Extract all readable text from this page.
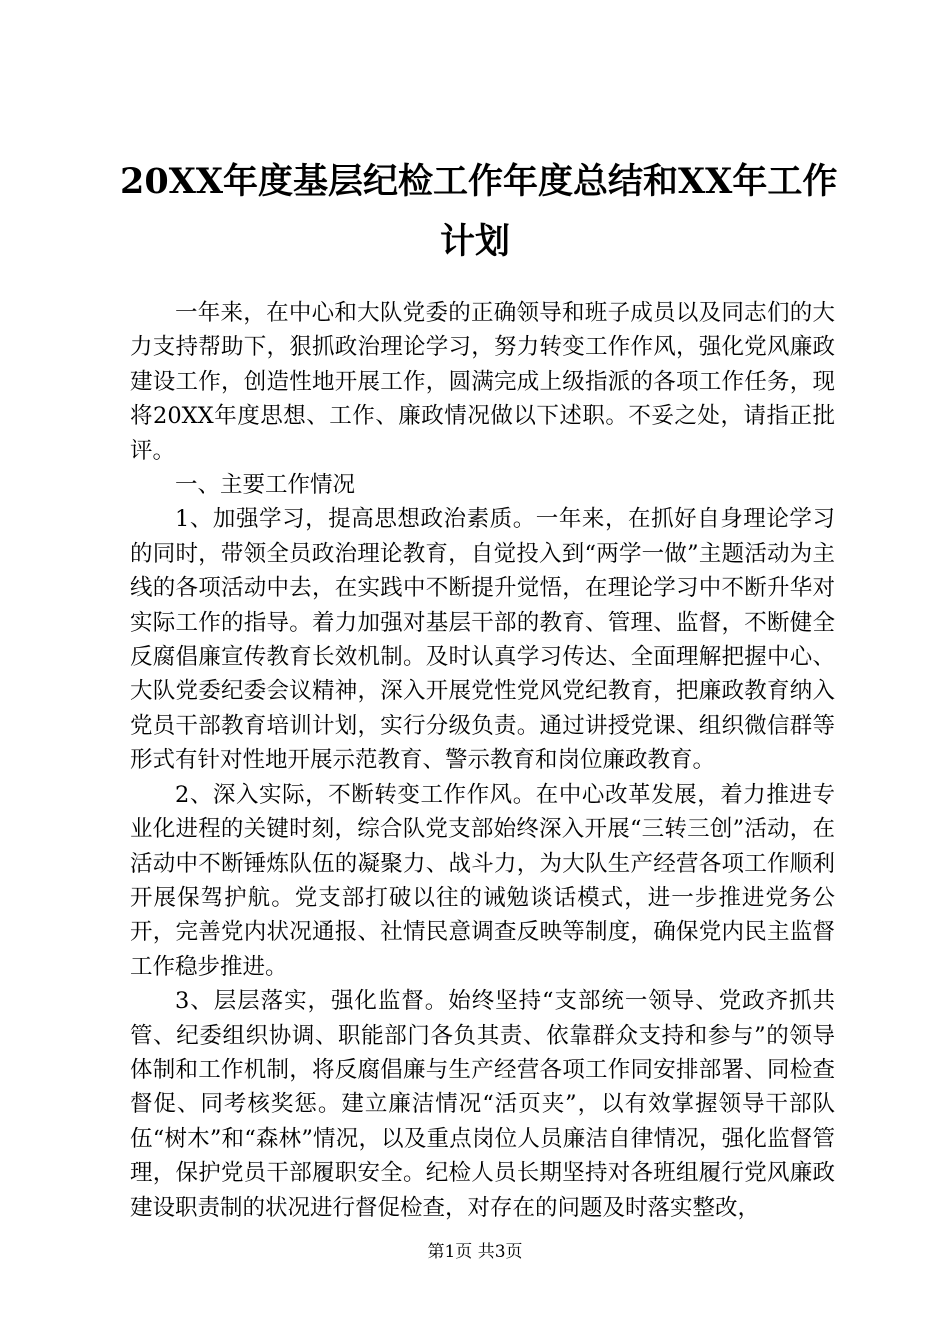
20XX年度基层纪检工作年度总结和XX年工作
计划

一年来，在中心和大队党委的正确领导和班子成员以及同志们的大力支持帮助下，狠抓政治理论学习，努力转变工作作风，强化党风廉政建设工作，创造性地开展工作，圆满完成上级指派的各项工作任务，现将20XX年度思想、工作、廉政情况做以下述职。不妥之处，请指正批评。

一、主要工作情况

1、加强学习，提高思想政治素质。一年来，在抓好自身理论学习的同时，带领全员政治理论教育，自觉投入到“两学一做”主题活动为主线的各项活动中去，在实践中不断提升觉悟，在理论学习中不断升华对实际工作的指导。着力加强对基层干部的教育、管理、监督，不断健全反腐倡廉宣传教育长效机制。及时认真学习传达、全面理解把握中心、大队党委纪委会议精神，深入开展党性党风党纪教育，把廉政教育纳入党员干部教育培训计划，实行分级负责。通过讲授党课、组织微信群等形式有针对性地开展示范教育、警示教育和岗位廉政教育。

2、深入实际，不断转变工作作风。在中心改革发展，着力推进专业化进程的关键时刻，综合队党支部始终深入开展“三转三创”活动，在活动中不断锤炼队伍的凝聚力、战斗力，为大队生产经营各项工作顺利开展保驾护航。党支部打破以往的诫勉谈话模式，进一步推进党务公开，完善党内状况通报、社情民意调查反映等制度，确保党内民主监督工作稳步推进。

3、层层落实，强化监督。始终坚持“支部统一领导、党政齐抓共管、纪委组织协调、职能部门各负其责、依靠群众支持和参与”的领导体制和工作机制，将反腐倡廉与生产经营各项工作同安排部署、同检查督促、同考核奖惩。建立廉洁情况“活页夹”，以有效掌握领导干部队伍“树木”和“森林”情况，以及重点岗位人员廉洁自律情况，强化监督管理，保护党员干部履职安全。纪检人员长期坚持对各班组履行党风廉政建设职责制的状况进行督促检查，对存在的问题及时落实整改，

第1页 共3页
